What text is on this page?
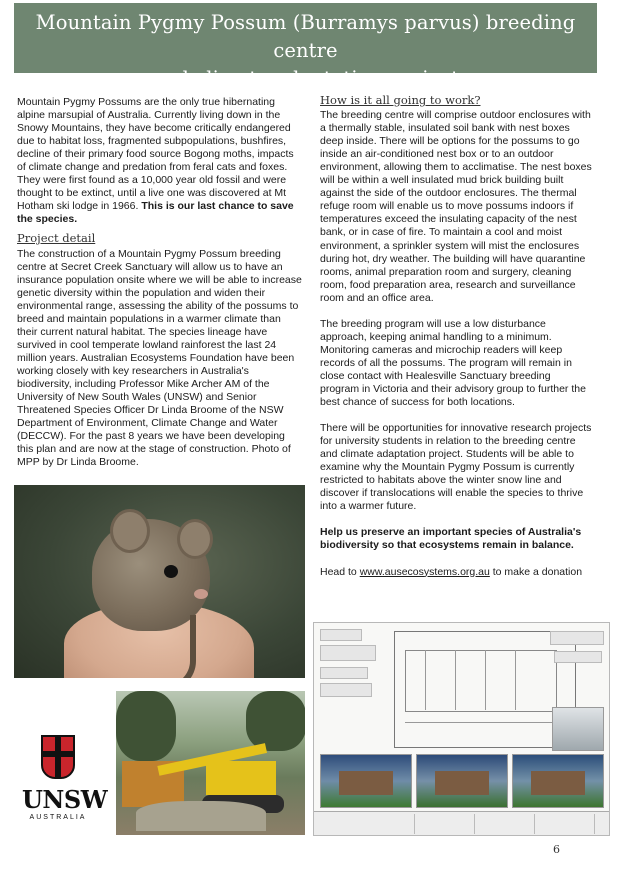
Mountain Pygmy Possum (Burramys parvus) breeding centre
and climate adaptation project

Mountain Pygmy Possums are the only true hibernating alpine marsupial of Australia. Currently living down in the Snowy Mountains, they have become critically endangered due to habitat loss, fragmented subpopulations, bushfires, decline of their primary food source Bogong moths, impacts of climate change and predation from feral cats and foxes. They were first found as a 10,000 year old fossil and were thought to be extinct, until a live one was discovered at Mt Hotham ski lodge in 1966. This is our last chance to save the species.

Project detail

The construction of a Mountain Pygmy Possum breeding centre at Secret Creek Sanctuary will allow us to have an insurance population onsite where we will be able to increase genetic diversity within the population and widen their environmental range, assessing the ability of the possums to breed and maintain populations in a warmer climate than their current natural habitat. The species lineage have survived in cool temperate lowland rainforest the last 24 million years. Australian Ecosystems Foundation have been working closely with key researchers in Australia's biodiversity, including Professor Mike Archer AM of the University of New South Wales (UNSW) and Senior Threatened Species Officer Dr Linda Broome of the NSW Department of Environment, Climate Change and Water (DECCW). For the past 8 years we have been developing this plan and are now at the stage of construction. Photo of MPP by Dr Linda Broome.

How is it all going to work?

The breeding centre will comprise outdoor enclosures with a thermally stable, insulated soil bank with nest boxes deep inside. There will be options for the possums to go inside an air-conditioned nest box or to an outdoor environment, allowing them to acclimatise. The nest boxes will be within a well insulated mud brick building built against the side of the outdoor enclosures. The thermal refuge room will enable us to move possums indoors if temperatures exceed the insulating capacity of the nest bank, or in case of fire. To maintain a cool and moist environment, a sprinkler system will mist the enclosures during hot, dry weather. The building will have quarantine rooms, animal preparation room and surgery, cleaning room, food preparation area, research and surveillance room and an office area.

The breeding program will use a low disturbance approach, keeping animal handling to a minimum. Monitoring cameras and microchip readers will keep records of all the possums. The program will remain in close contact with Healesville Sanctuary breeding program in Victoria and their advisory group to further the best chance of success for both locations.

There will be opportunities for innovative research projects for university students in relation to the breeding centre and climate adaptation project. Students will be able to examine why the Mountain Pygmy Possum is currently restricted to habitats above the winter snow line and discover if translocations will enable the species to thrive into a warmer future.

Help us preserve an important species of Australia's biodiversity so that ecosystems remain in balance.

Head to www.ausecosystems.org.au to make a donation

UNSW
AUSTRALIA
6
